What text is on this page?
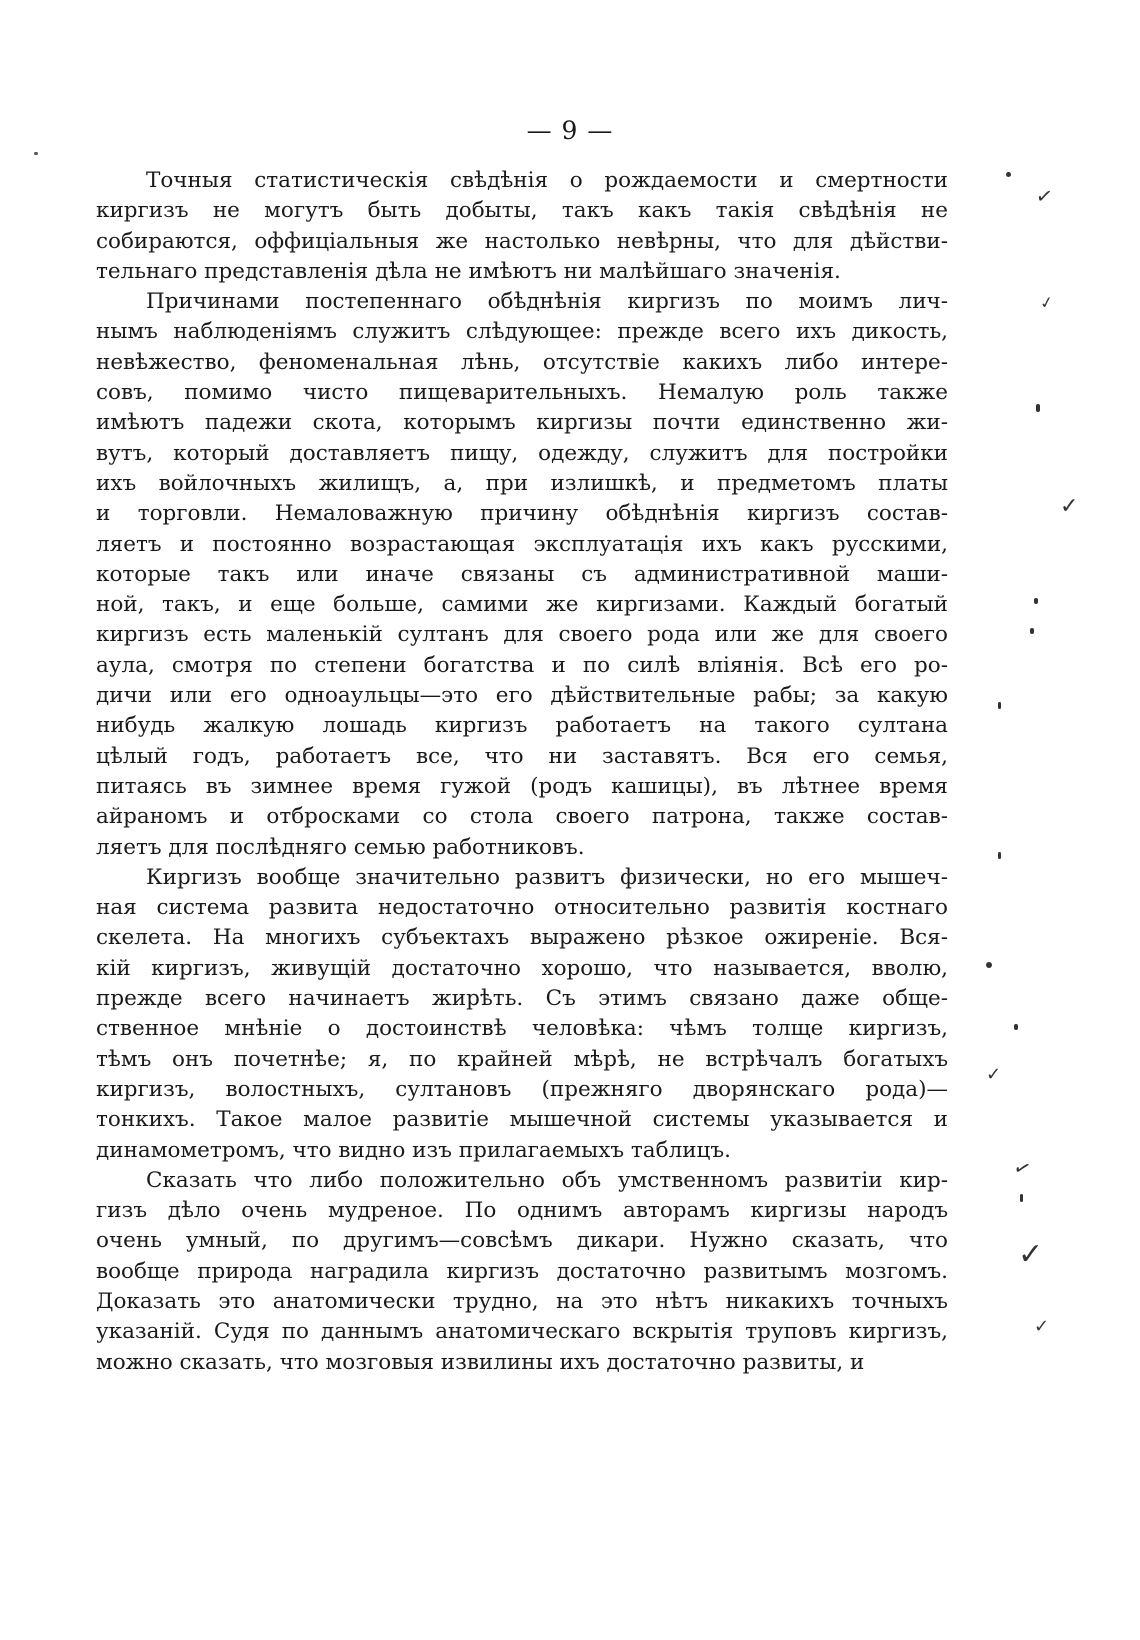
— 9 —
Точныя статистическія свѣдѣнія о рождаемости и смертности
киргизъ не могутъ быть добыты, такъ какъ такія свѣдѣнія не
собираются, оффиціальныя же настолько невѣрны, что для дѣйстви-
тельнаго представленія дѣла не имѣютъ ни малѣйшаго значенія.
Причинами постепеннаго обѣднѣнія киргизъ по моимъ лич-
нымъ наблюденіямъ служитъ слѣдующее: прежде всего ихъ дикость,
невѣжество, феноменальная лѣнь, отсутствіе какихъ либо интере-
совъ, помимо чисто пищеварительныхъ. Немалую роль также
имѣютъ падежи скота, которымъ киргизы почти единственно жи-
вутъ, который доставляетъ пищу, одежду, служитъ для постройки
ихъ войлочныхъ жилищъ, а, при излишкѣ, и предметомъ платы
и торговли. Немаловажную причину обѣднѣнія киргизъ состав-
ляетъ и постоянно возрастающая эксплуатація ихъ какъ русскими,
которые такъ или иначе связаны съ административной маши-
ной, такъ, и еще больше, самими же киргизами. Каждый богатый
киргизъ есть маленькій султанъ для своего рода или же для своего
аула, смотря по степени богатства и по силѣ вліянія. Всѣ его ро-
дичи или его одноаульцы—это его дѣйствительные рабы; за какую
нибудь жалкую лошадь киргизъ работаетъ на такого султана
цѣлый годъ, работаетъ все, что ни заставятъ. Вся его семья,
питаясь въ зимнее время гужой (родъ кашицы), въ лѣтнее время
айраномъ и отбросками со стола своего патрона, также состав-
ляетъ для послѣдняго семью работниковъ.
Киргизъ вообще значительно развитъ физически, но его мышеч-
ная система развита недостаточно относительно развитія костнаго
скелета. На многихъ субъектахъ выражено рѣзкое ожиреніе. Вся-
кій киргизъ, живущій достаточно хорошо, что называется, вволю,
прежде всего начинаетъ жирѣть. Съ этимъ связано даже обще-
ственное мнѣніе о достоинствѣ человѣка: чѣмъ толще киргизъ,
тѣмъ онъ почетнѣе; я, по крайней мѣрѣ, не встрѣчалъ богатыхъ
киргизъ, волостныхъ, султановъ (прежняго дворянскаго рода)—
тонкихъ. Такое малое развитіе мышечной системы указывается и
динамометромъ, что видно изъ прилагаемыхъ таблицъ.
Сказать что либо положительно объ умственномъ развитіи кир-
гизъ дѣло очень мудреное. По однимъ авторамъ киргизы народъ
очень умный, по другимъ—совсѣмъ дикари. Нужно сказать, что
вообще природа наградила киргизъ достаточно развитымъ мозгомъ.
Доказать это анатомически трудно, на это нѣтъ никакихъ точныхъ
указаній. Судя по даннымъ анатомическаго вскрытія труповъ киргизъ,
можно сказать, что мозговыя извилины ихъ достаточно развиты, и
✓
✓
✓
✓
✓
✓
✓
